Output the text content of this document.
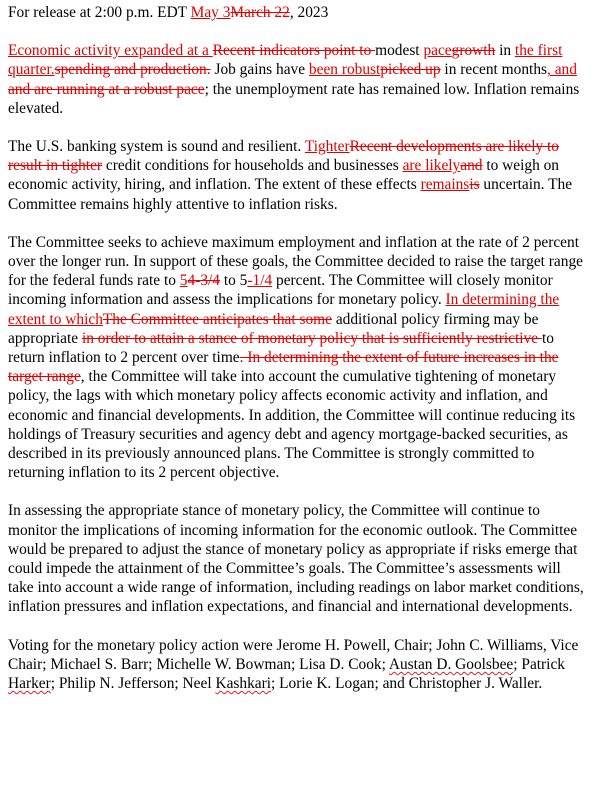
For release at 2:00 p.m. EDT May 3March 22, 2023

Economic activity expanded at a Recent indicators point to modest pacegrowth in the first quarter.spending and production. Job gains have been robustpicked up in recent months, and and are running at a robust pace; the unemployment rate has remained low. Inflation remains elevated.

The U.S. banking system is sound and resilient. TighterRecent developments are likely to result in tighter credit conditions for households and businesses are likelyand to weigh on economic activity, hiring, and inflation. The extent of these effects remainsis uncertain. The Committee remains highly attentive to inflation risks.

The Committee seeks to achieve maximum employment and inflation at the rate of 2 percent over the longer run. In support of these goals, the Committee decided to raise the target range for the federal funds rate to 54-3/4 to 5-1/4 percent. The Committee will closely monitor incoming information and assess the implications for monetary policy. In determining the extent to whichThe Committee anticipates that some additional policy firming may be appropriate in order to attain a stance of monetary policy that is sufficiently restrictive to return inflation to 2 percent over time. In determining the extent of future increases in the target range, the Committee will take into account the cumulative tightening of monetary policy, the lags with which monetary policy affects economic activity and inflation, and economic and financial developments. In addition, the Committee will continue reducing its holdings of Treasury securities and agency debt and agency mortgage-backed securities, as described in its previously announced plans. The Committee is strongly committed to returning inflation to its 2 percent objective.

In assessing the appropriate stance of monetary policy, the Committee will continue to monitor the implications of incoming information for the economic outlook. The Committee would be prepared to adjust the stance of monetary policy as appropriate if risks emerge that could impede the attainment of the Committee’s goals. The Committee’s assessments will take into account a wide range of information, including readings on labor market conditions, inflation pressures and inflation expectations, and financial and international developments.

Voting for the monetary policy action were Jerome H. Powell, Chair; John C. Williams, Vice Chair; Michael S. Barr; Michelle W. Bowman; Lisa D. Cook; Austan D. Goolsbee; Patrick Harker; Philip N. Jefferson; Neel Kashkari; Lorie K. Logan; and Christopher J. Waller.
